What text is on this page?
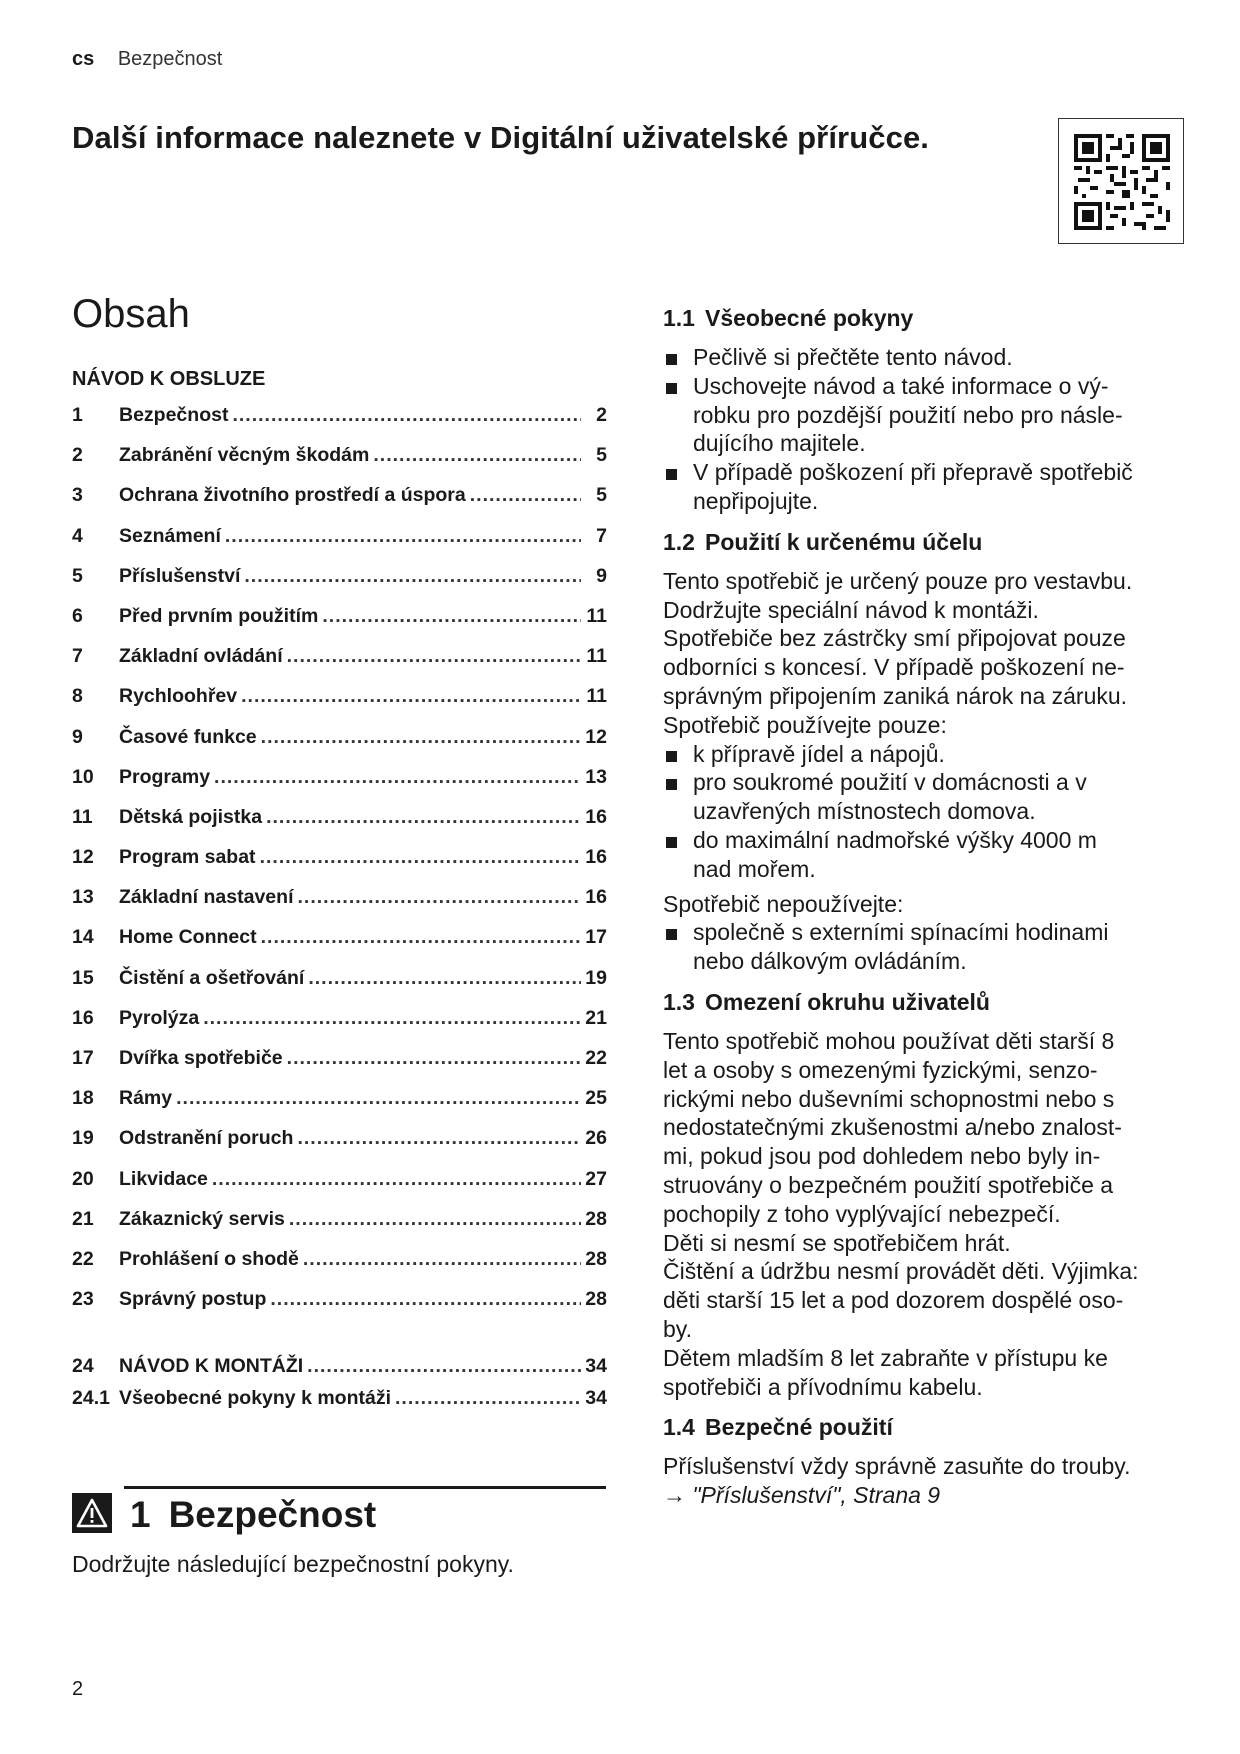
cs Bezpečnost
Další informace naleznete v Digitální uživatelské příručce.
Obsah
NÁVOD K OBSLUZE
1	Bezpečnost .....	2
2	Zabránění věcným škodám .....	5
3	Ochrana životního prostředí a úspora .....	5
4	Seznámení .....	7
5	Příslušenství .....	9
6	Před prvním použitím .....	11
7	Základní ovládání .....	11
8	Rychloohřev .....	11
9	Časové funkce .....	12
10	Programy .....	13
11	Dětská pojistka .....	16
12	Program sabat .....	16
13	Základní nastavení .....	16
14	Home Connect .....	17
15	Čistění a ošetřování .....	19
16	Pyrolýza .....	21
17	Dvířka spotřebiče .....	22
18	Rámy .....	25
19	Odstranění poruch .....	26
20	Likvidace .....	27
21	Zákaznický servis .....	28
22	Prohlášení o shodě .....	28
23	Správný postup .....	28
24	NÁVOD K MONTÁŽI .....	34
24.1 Všeobecné pokyny k montáži .....	34
1 Bezpečnost
Dodržujte následující bezpečnostní pokyny.
2
1.1 Všeobecné pokyny
Pečlivě si přečtěte tento návod.
Uschovejte návod a také informace o vý-
robku pro pozdější použití nebo pro násle-
dujícího majitele.
V případě poškození při přepravě spotřebič
nepřipojujte.
1.2 Použití k určenému účelu
Tento spotřebič je určený pouze pro vestavbu.
Dodržujte speciální návod k montáži.
Spotřebiče bez zástrčky smí připojovat pouze
odborníci s koncesí. V případě poškození ne-
správným připojením zaniká nárok na záruku.
Spotřebič používejte pouze:
k přípravě jídel a nápojů.
pro soukromé použití v domácnosti a v
uzavřených místnostech domova.
do maximální nadmořské výšky 4000 m
nad mořem.
Spotřebič nepoužívejte:
společně s externími spínacími hodinami
nebo dálkovým ovládáním.
1.3 Omezení okruhu uživatelů
Tento spotřebič mohou používat děti starší 8
let a osoby s omezenými fyzickými, senzo-
rickými nebo duševními schopnostmi nebo s
nedostatečnými zkušenostmi a/nebo znalost-
mi, pokud jsou pod dohledem nebo byly in-
struovány o bezpečném použití spotřebiče a
pochopily z toho vyplývající nebezpečí.
Děti si nesmí se spotřebičem hrát.
Čištění a údržbu nesmí provádět děti. Výjimka:
děti starší 15 let a pod dozorem dospělé oso-
by.
Dětem mladším 8 let zabraňte v přístupu ke
spotřebiči a přívodnímu kabelu.
1.4 Bezpečné použití
Příslušenství vždy správně zasuňte do trouby.
→ "Příslušenství", Strana 9
